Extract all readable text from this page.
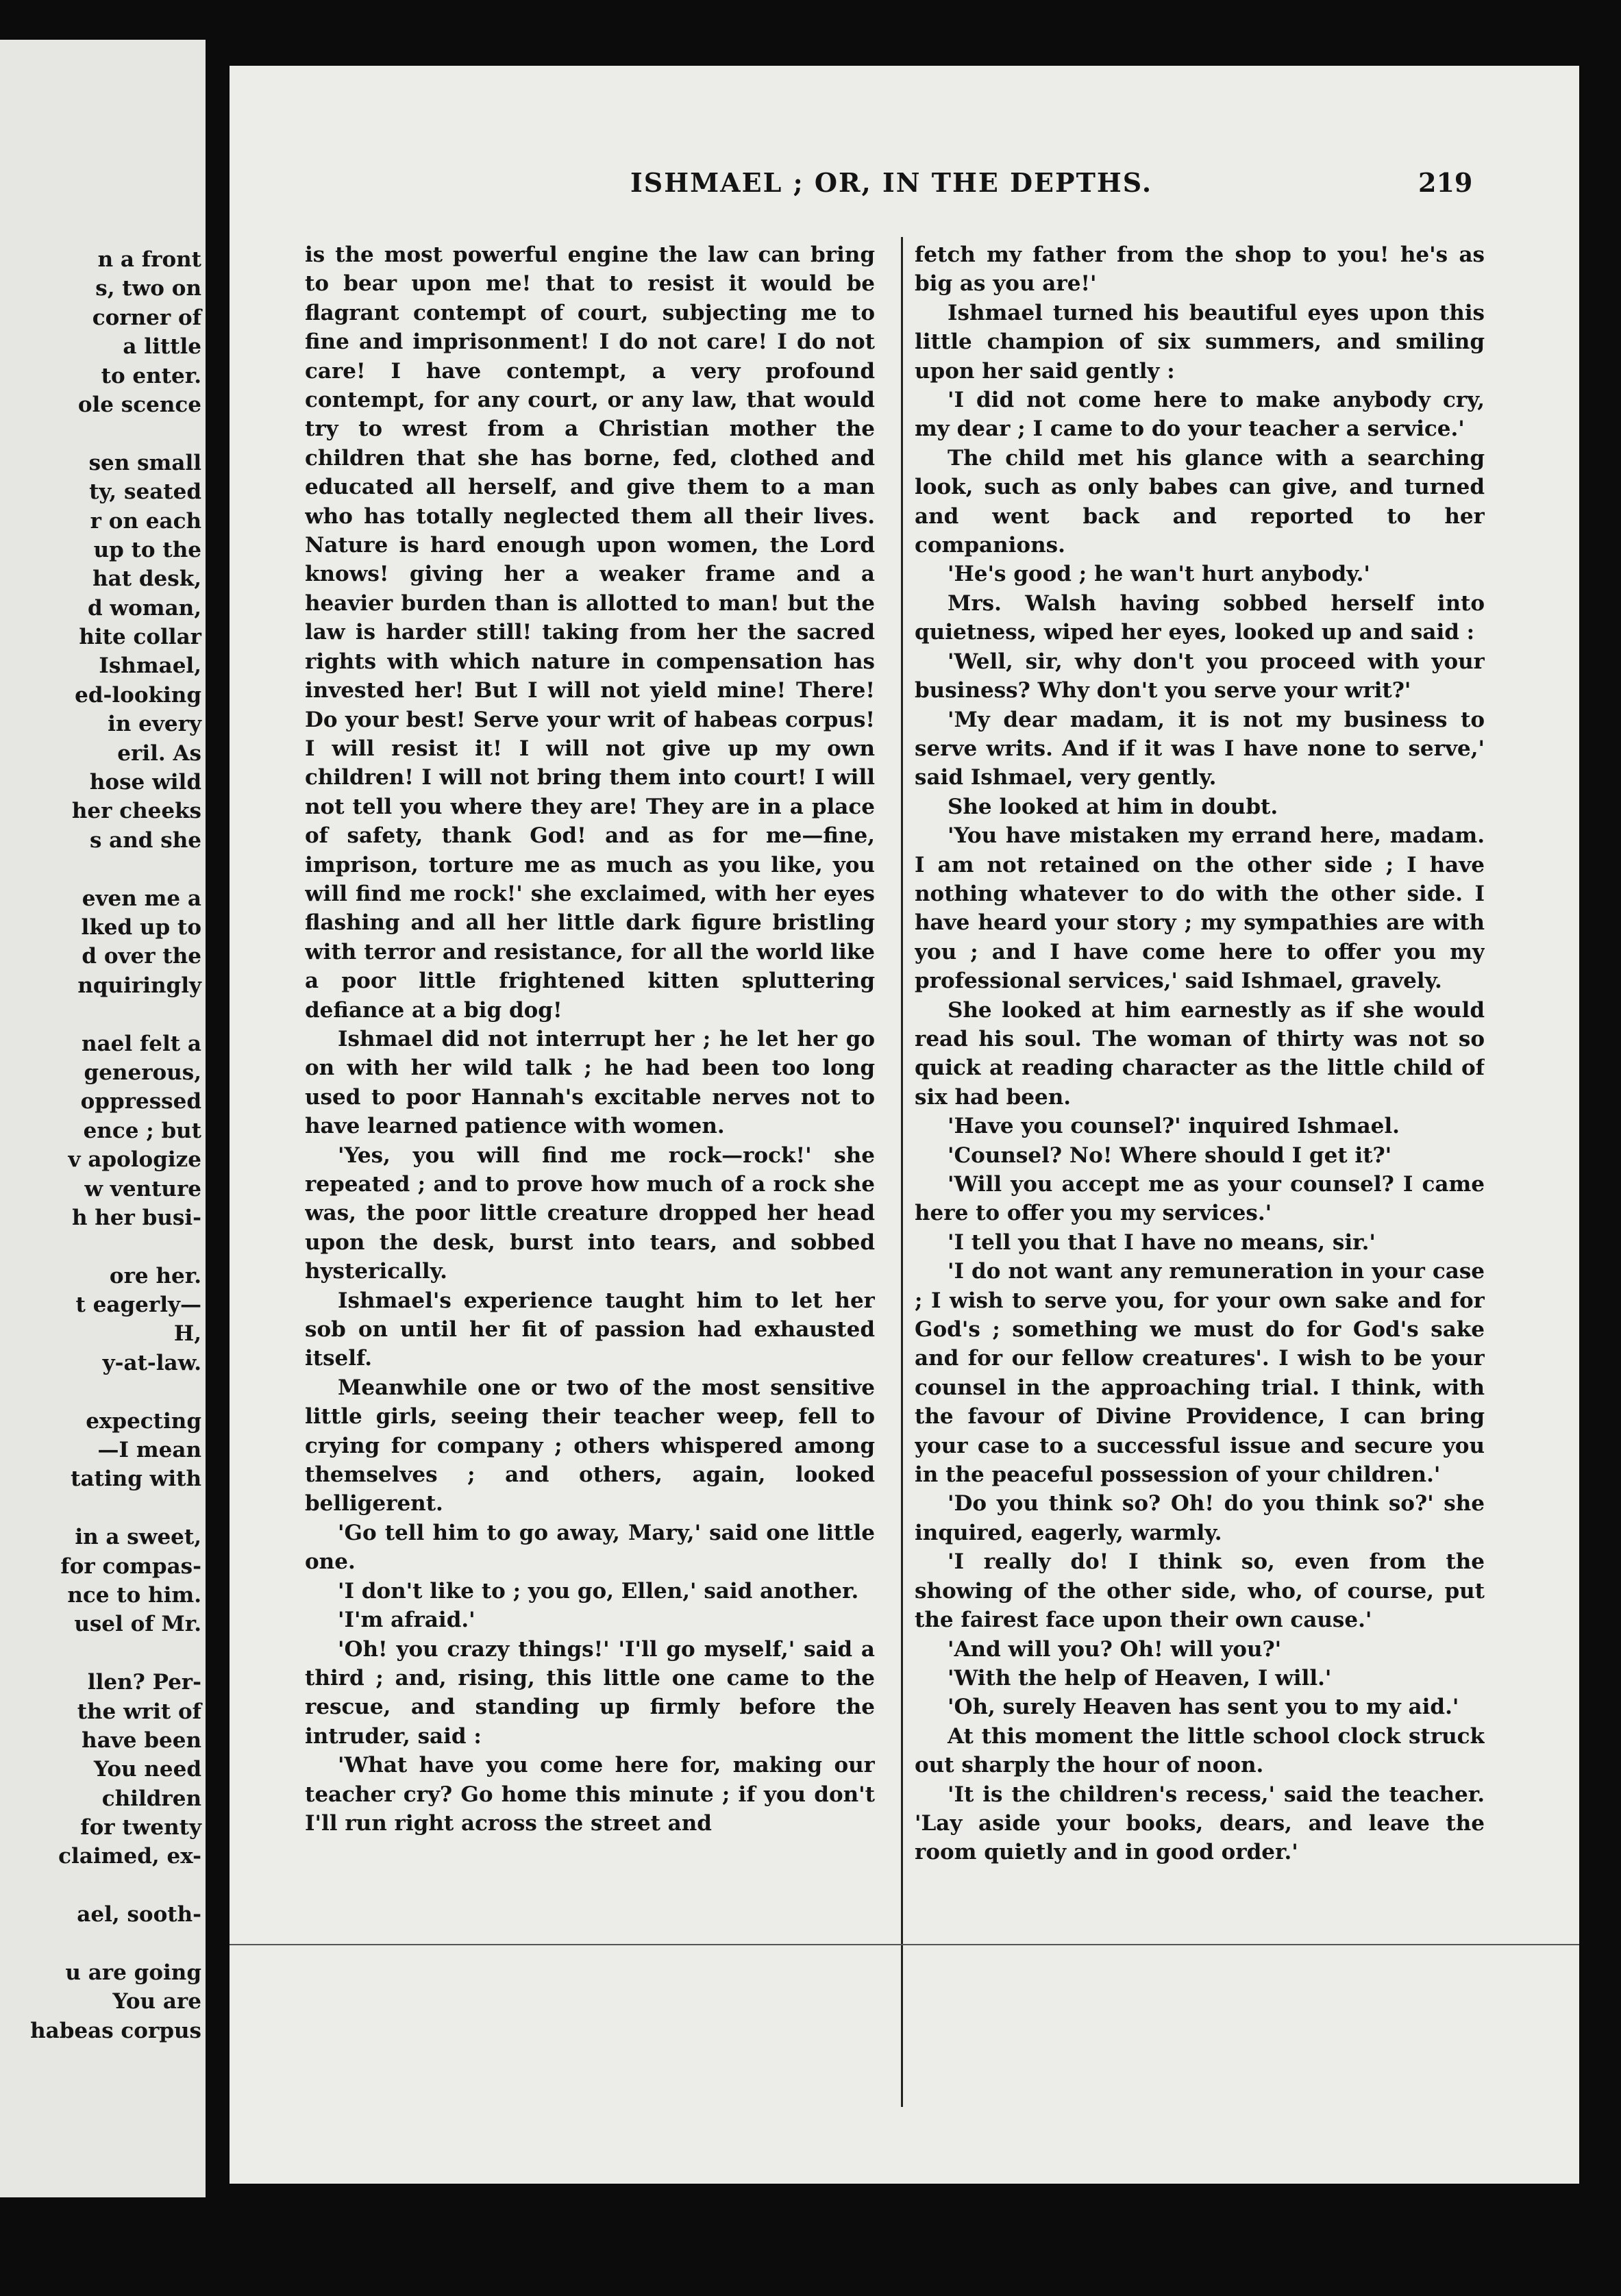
n a front
s, two on
corner of
a little
to enter.
ole scence
sen small
ty, seated
r on each
up to the
hat desk,
d woman,
hite collar
Ishmael,
ed-looking
in every
eril. As
hose wild
her cheeks
s and she
even me a
lked up to
d over the
nquiringly
nael felt a
generous,
oppressed
ence ; but
v apologize
w venture
h her busi-
ore her.
t eagerly—
H,
y-at-law.
expecting
—I mean
tating with
in a sweet,
for compas-
nce to him.
usel of Mr.
llen? Per-
the writ of
have been
You need
children
for twenty
claimed, ex-
ael, sooth-
u are going
You are
habeas corpus
ISHMAEL ; OR, IN THE DEPTHS.	219

is the most powerful engine the law can bring to bear upon me! that to resist it would be flagrant contempt of court, subjecting me to fine and imprisonment! I do not care! I do not care! I have contempt, a very profound contempt, for any court, or any law, that would try to wrest from a Christian mother the children that she has borne, fed, clothed and educated all herself, and give them to a man who has totally neglected them all their lives. Nature is hard enough upon women, the Lord knows! giving her a weaker frame and a heavier burden than is allotted to man! but the law is harder still! taking from her the sacred rights with which nature in compensation has invested her! But I will not yield mine! There! Do your best! Serve your writ of habeas corpus! I will resist it! I will not give up my own children! I will not bring them into court! I will not tell you where they are! They are in a place of safety, thank God! and as for me—fine, imprison, torture me as much as you like, you will find me rock!' she exclaimed, with her eyes flashing and all her little dark figure bristling with terror and resistance, for all the world like a poor little frightened kitten spluttering defiance at a big dog!

Ishmael did not interrupt her ; he let her go on with her wild talk ; he had been too long used to poor Hannah's excitable nerves not to have learned patience with women.

'Yes, you will find me rock—rock!' she repeated ; and to prove how much of a rock she was, the poor little creature dropped her head upon the desk, burst into tears, and sobbed hysterically.

Ishmael's experience taught him to let her sob on until her fit of passion had exhausted itself.

Meanwhile one or two of the most sensitive little girls, seeing their teacher weep, fell to crying for company ; others whispered among themselves ; and others, again, looked belligerent.

'Go tell him to go away, Mary,' said one little one.

'I don't like to ; you go, Ellen,' said another.

'I'm afraid.'

'Oh! you crazy things!' 'I'll go myself,' said a third ; and, rising, this little one came to the rescue, and standing up firmly before the intruder, said :

'What have you come here for, making our teacher cry? Go home this minute ; if you don't I'll run right across the street and

fetch my father from the shop to you! he's as big as you are!'

Ishmael turned his beautiful eyes upon this little champion of six summers, and smiling upon her said gently :

'I did not come here to make anybody cry, my dear ; I came to do your teacher a service.'

The child met his glance with a searching look, such as only babes can give, and turned and went back and reported to her companions.

'He's good ; he wan't hurt anybody.'

Mrs. Walsh having sobbed herself into quietness, wiped her eyes, looked up and said :

'Well, sir, why don't you proceed with your business? Why don't you serve your writ?'

'My dear madam, it is not my business to serve writs. And if it was I have none to serve,' said Ishmael, very gently.

She looked at him in doubt.

'You have mistaken my errand here, madam. I am not retained on the other side ; I have nothing whatever to do with the other side. I have heard your story ; my sympathies are with you ; and I have come here to offer you my professional services,' said Ishmael, gravely.

She looked at him earnestly as if she would read his soul. The woman of thirty was not so quick at reading character as the little child of six had been.

'Have you counsel?' inquired Ishmael.

'Counsel? No! Where should I get it?'

'Will you accept me as your counsel? I came here to offer you my services.'

'I tell you that I have no means, sir.'

'I do not want any remuneration in your case ; I wish to serve you, for your own sake and for God's ; something we must do for God's sake and for our fellow creatures'. I wish to be your counsel in the approaching trial. I think, with the favour of Divine Providence, I can bring your case to a successful issue and secure you in the peaceful possession of your children.'

'Do you think so? Oh! do you think so?' she inquired, eagerly, warmly.

'I really do! I think so, even from the showing of the other side, who, of course, put the fairest face upon their own cause.'

'And will you? Oh! will you?'

'With the help of Heaven, I will.'

'Oh, surely Heaven has sent you to my aid.'

At this moment the little school clock struck out sharply the hour of noon.

'It is the children's recess,' said the teacher. 'Lay aside your books, dears, and leave the room quietly and in good order.'
